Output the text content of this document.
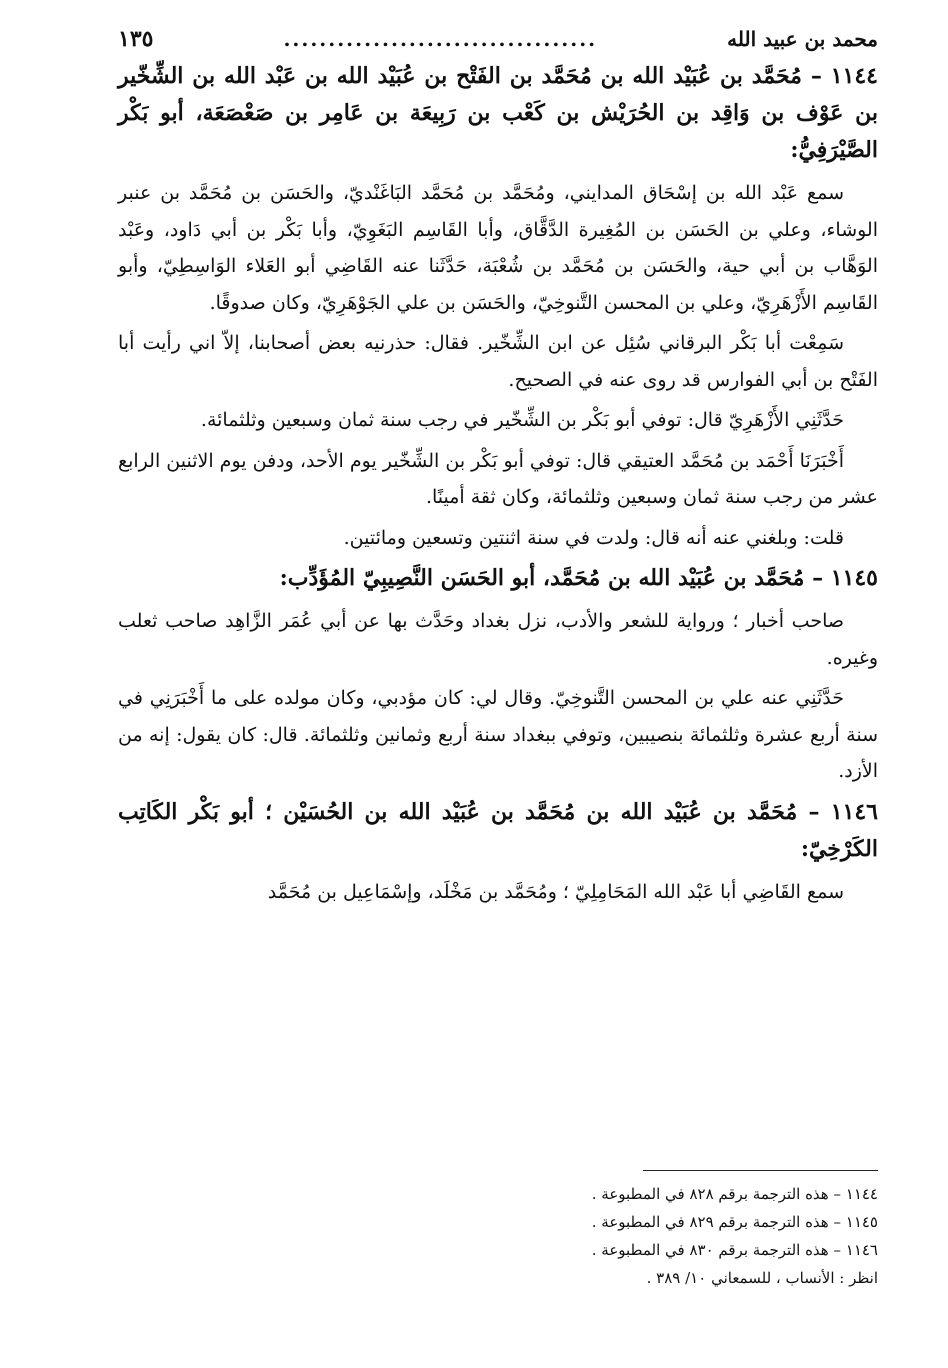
محمد بن عبيد الله
...................................
١٣٥
١١٤٤ – مُحَمَّد بن عُبَيْد الله بن مُحَمَّد بن الفَتْح بن عُبَيْد الله بن عَبْد الله بن الشِّخّير بن عَوْف بن وَاقِد بن الحُرَيْش بن كَعْب بن رَبِيعَة بن عَامِر بن صَعْصَعَة، أبو بَكْر الصَّيْرَفِيُّ:

سمع عَبْد الله بن إسْحَاق المدايني، ومُحَمَّد بن مُحَمَّد البَاغَنْديّ، والحَسَن بن مُحَمَّد بن عنبر الوشاء، وعلي بن الحَسَن بن المُغِيرة الدَّقَّاق، وأبا القَاسِم البَغَوِيّ، وأبا بَكْر بن أبي دَاود، وعَبْد الوَهَّاب بن أبي حية، والحَسَن بن مُحَمَّد بن شُعْبَة، حَدَّثَنا عنه القَاضِي أبو العَلاء الوَاسِطِيّ، وأبو القَاسِم الأَزْهَرِيّ، وعلي بن المحسن التَّنوخِيّ، والحَسَن بن علي الجَوْهَرِيّ، وكان صدوقًا.

سَمِعْت أبا بَكْر البرقاني سُئِل عن ابن الشِّخّير. فقال: حذرنيه بعض أصحابنا، إلاّ اني رأيت أبا الفَتْح بن أبي الفوارس قد روى عنه في الصحيح.

حَدَّثَنِي الأَزْهَرِيّ قال: توفي أبو بَكْر بن الشِّخّير في رجب سنة ثمان وسبعين وثلثمائة.

أَخْبَرَنَا أَحْمَد بن مُحَمَّد العتيقي قال: توفي أبو بَكْر بن الشِّخّير يوم الأحد، ودفن يوم الاثنين الرابع عشر من رجب سنة ثمان وسبعين وثلثمائة، وكان ثقة أمينًا.

قلت: وبلغني عنه أنه قال: ولدت في سنة اثنتين وتسعين ومائتين.

١١٤٥ – مُحَمَّد بن عُبَيْد الله بن مُحَمَّد، أبو الحَسَن النَّصِيبِيّ المُؤَدِّب:

صاحب أخبار ؛ ورواية للشعر والأدب، نزل بغداد وحَدَّث بها عن أبي عُمَر الزَّاهِد صاحب ثعلب وغيره.

حَدَّثَنِي عنه علي بن المحسن التَّنوخِيّ. وقال لي: كان مؤدبي، وكان مولده على ما أَخْبَرَنِي في سنة أربع عشرة وثلثمائة بنصيبين، وتوفي ببغداد سنة أربع وثمانين وثلثمائة. قال: كان يقول: إنه من الأزد.

١١٤٦ – مُحَمَّد بن عُبَيْد الله بن مُحَمَّد بن عُبَيْد الله بن الحُسَيْن ؛ أبو بَكْر الكَاتِب الكَرْخِيّ:

سمع القَاضِي أبا عَبْد الله المَحَامِلِيّ ؛ ومُحَمَّد بن مَخْلَد، وإسْمَاعِيل بن مُحَمَّد

١١٤٤ – هذه الترجمة برقم ٨٢٨ في المطبوعة .

١١٤٥ – هذه الترجمة برقم ٨٢٩ في المطبوعة .

١١٤٦ – هذه الترجمة برقم ٨٣٠ في المطبوعة .

انظر : الأنساب ، للسمعاني ١٠/ ٣٨٩ .
